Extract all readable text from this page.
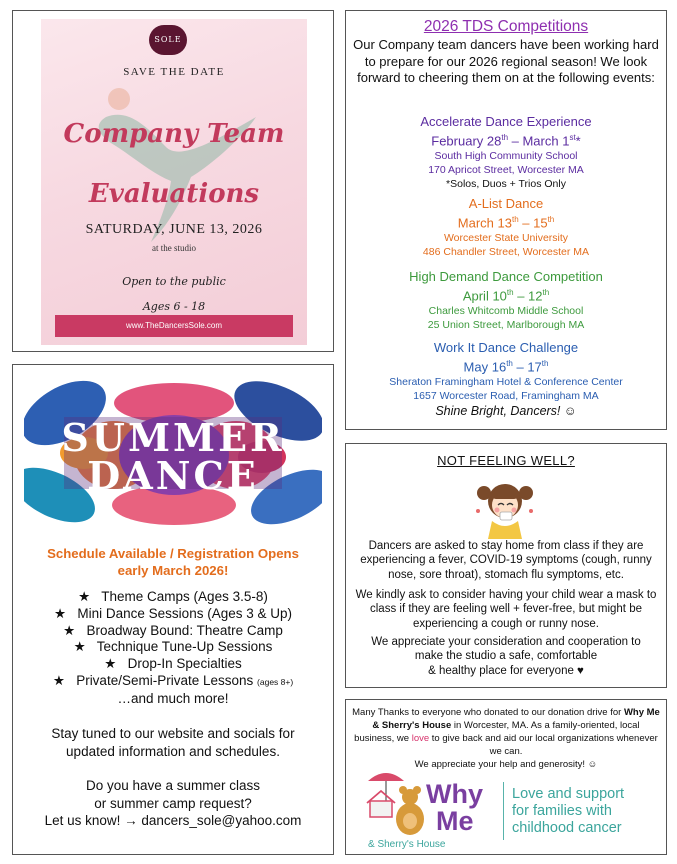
SOLE
SAVE THE DATE
Company Team
Evaluations
SATURDAY, JUNE 13, 2026
at the studio
Open to the public
Ages 6 - 18
www.TheDancersSole.com
SUMMER
DANCE
Schedule Available / Registration Opens
early March 2026!
★ Theme Camps (Ages 3.5-8)
★ Mini Dance Sessions (Ages 3 & Up)
★ Broadway Bound: Theatre Camp
★ Technique Tune-Up Sessions
★ Drop-In Specialties
★ Private/Semi-Private Lessons (ages 8+)
…and much more!
Stay tuned to our website and socials for
updated information and schedules.
Do you have a summer class
or summer camp request?
Let us know! → dancers_sole@yahoo.com
2026 TDS Competitions
Our Company team dancers have been working hard to prepare for our 2026 regional season! We look forward to cheering them on at the following events:
Accelerate Dance Experience
February 28th – March 1st*
South High Community School
170 Apricot Street, Worcester MA
*Solos, Duos + Trios Only
A-List Dance
March 13th – 15th
Worcester State University
486 Chandler Street, Worcester MA
High Demand Dance Competition
April 10th – 12th
Charles Whitcomb Middle School
25 Union Street, Marlborough MA
Work It Dance Challenge
May 16th – 17th
Sheraton Framingham Hotel & Conference Center
1657 Worcester Road, Framingham MA
Shine Bright, Dancers! ☺
NOT FEELING WELL?
Dancers are asked to stay home from class if they are experiencing a fever, COVID-19 symptoms (cough, runny nose, sore throat), stomach flu symptoms, etc.
We kindly ask to consider having your child wear a mask to class if they are feeling well + fever-free, but might be experiencing a cough or runny nose.
We appreciate your consideration and cooperation to
make the studio a safe, comfortable
& healthy place for everyone ♥
Many Thanks to everyone who donated to our donation drive for Why Me & Sherry's House in Worcester, MA. As a family-oriented, local business, we love to give back and aid our local organizations whenever we can.
We appreciate your help and generosity! ☺
Why
Me
& Sherry's House
Love and support
for families with
childhood cancer
